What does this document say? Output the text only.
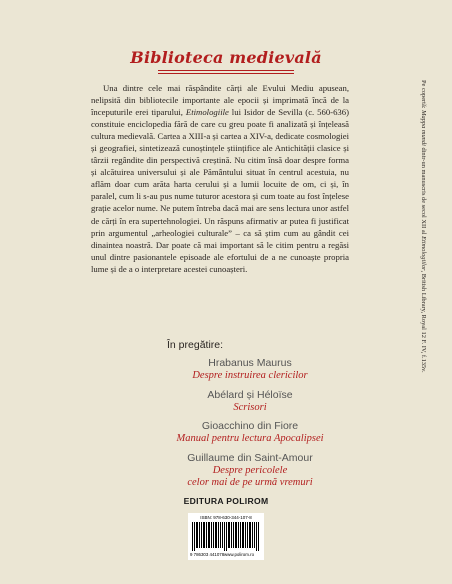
Biblioteca medievală

Una dintre cele mai răspândite cărți ale Evului Mediu apusean, nelipsită din bibliotecile importante ale epocii și imprimată încă de la începuturile erei tiparului, Etimologiile lui Isidor de Sevilla (c. 560-636) constituie enciclopedia fără de care cu greu poate fi analizată și înțeleasă cultura medievală. Cartea a XIII-a și cartea a XIV-a, dedicate cosmologiei și geografiei, sintetizează cunoștințele științifice ale Antichității clasice și târzii regândite din perspectivă creștină. Nu citim însă doar despre forma și alcătuirea universului și ale Pământului situat în centrul acestuia, nu aflăm doar cum arăta harta cerului și a lumii locuite de om, ci și, în paralel, cum li s-au pus nume tuturor acestora și cum toate au fost înțelese grație acelor nume. Ne putem întreba dacă mai are sens lectura unor astfel de cărți în era supertehnologiei. Un răspuns afirmativ ar putea fi justificat prin argumentul „arheologiei culturale” – ca să știm cum au gândit cei dinaintea noastră. Dar poate că mai important să le citim pentru a regăsi unul dintre pasionantele episoade ale efortului de a ne cunoaște propria lume și de a o interpretare acestei cunoașteri.

În pregătire:

Hrabanus Maurus

Despre instruirea clericilor

Abélard și Héloïse

Scrisori

Gioacchino din Fiore

Manual pentru lectura Apocalipsei

Guillaume din Saint-Amour

Despre pericolele
celor mai de pe urmă vremuri

EDITURA POLIROM
ISBN: 978-630-344-107-8
9 786303 441078 www.polirom.ro
Pe copertă: Mappa mundi dintr-un manuscris de secol XII al Etimologiilor, British Library, Royal 12 F. IV, f.135v.
